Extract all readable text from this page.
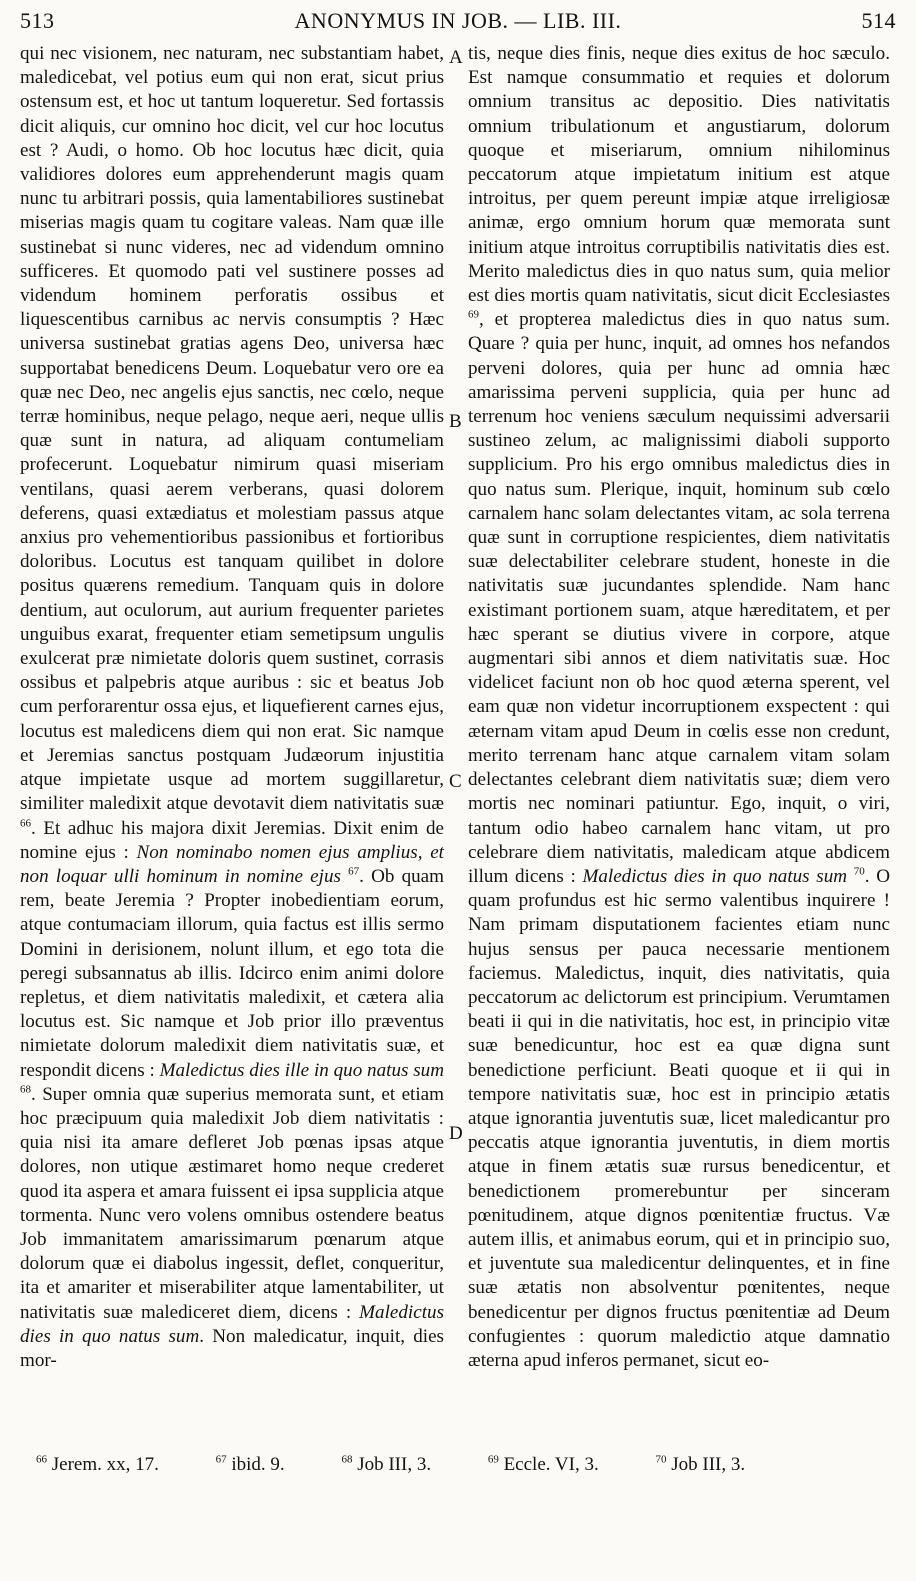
513	ANONYMUS IN JOB. — LIB. III.	514

qui nec visionem, nec naturam, nec substantiam habet, maledicebat, vel potius eum qui non erat, sicut prius ostensum est, et hoc ut tantum loqueretur. Sed fortassis dicit aliquis, cur omnino hoc dicit, vel cur hoc locutus est ? Audi, o homo. Ob hoc locutus hæc dicit, quia validiores dolores eum apprehenderunt magis quam nunc tu arbitrari possis, quia lamentabiliores sustinebat miserias magis quam tu cogitare valeas. Nam quæ ille sustinebat si nunc videres, nec ad videndum omnino sufficeres. Et quomodo pati vel sustinere posses ad videndum hominem perforatis ossibus et liquescentibus carnibus ac nervis consumptis ? Hæc universa sustinebat gratias agens Deo, universa hæc supportabat benedicens Deum. Loquebatur vero ore ea quæ nec Deo, nec angelis ejus sanctis, nec cœlo, neque terræ hominibus, neque pelago, neque aeri, neque ullis quæ sunt in natura, ad aliquam contumeliam profecerunt. Loquebatur nimirum quasi miseriam ventilans, quasi aerem verberans, quasi dolorem deferens, quasi extædiatus et molestiam passus atque anxius pro vehementioribus passionibus et fortioribus doloribus. Locutus est tanquam quilibet in dolore positus quærens remedium. Tanquam quis in dolore dentium, aut oculorum, aut aurium frequenter parietes unguibus exarat, frequenter etiam semetipsum ungulis exulcerat præ nimietate doloris quem sustinet, corrasis ossibus et palpebris atque auribus : sic et beatus Job cum perforarentur ossa ejus, et liquefierent carnes ejus, locutus est maledicens diem qui non erat. Sic namque et Jeremias sanctus postquam Judæorum injustitia atque impietate usque ad mortem suggillaretur, similiter maledixit atque devotavit diem nativitatis suæ $^{66}$. Et adhuc his majora dixit Jeremias. Dixit enim de nomine ejus : Non nominabo nomen ejus amplius, et non loquar ulli hominum in nomine ejus $^{67}$. Ob quam rem, beate Jeremia ? Propter inobedientiam eorum, atque contumaciam illorum, quia factus est illis sermo Domini in derisionem, nolunt illum, et ego tota die peregi subsannatus ab illis. Idcirco enim animi dolore repletus, et diem nativitatis maledixit, et cætera alia locutus est. Sic namque et Job prior illo præventus nimietate dolorum maledixit diem nativitatis suæ, et respondit dicens : Maledictus dies ille in quo natus sum $^{68}$. Super omnia quæ superius memorata sunt, et etiam hoc præcipuum quia maledixit Job diem nativitatis : quia nisi ita amare defleret Job pœnas ipsas atque dolores, non utique æstimaret homo neque crederet quod ita aspera et amara fuissent ei ipsa supplicia atque tormenta. Nunc vero volens omnibus ostendere beatus Job immanitatem amarissimarum pœnarum atque dolorum quæ ei diabolus ingessit, deflet, conqueritur, ita et amariter et miserabiliter atque lamentabiliter, ut nativitatis suæ malediceret diem, dicens : Maledictus dies in quo natus sum. Non maledicatur, inquit, dies mor-

A
B
C
D

tis, neque dies finis, neque dies exitus de hoc sæculo. Est namque consummatio et requies et dolorum omnium transitus ac depositio. Dies nativitatis omnium tribulationum et angustiarum, dolorum quoque et miseriarum, omnium nihilominus peccatorum atque impietatum initium est atque introitus, per quem pereunt impiæ atque irreligiosæ animæ, ergo omnium horum quæ memorata sunt initium atque introitus corruptibilis nativitatis dies est. Merito maledictus dies in quo natus sum, quia melior est dies mortis quam nativitatis, sicut dicit Ecclesiastes $^{69}$, et propterea maledictus dies in quo natus sum. Quare ? quia per hunc, inquit, ad omnes hos nefandos perveni dolores, quia per hunc ad omnia hæc amarissima perveni supplicia, quia per hunc ad terrenum hoc veniens sæculum nequissimi adversarii sustineo zelum, ac malignissimi diaboli supporto supplicium. Pro his ergo omnibus maledictus dies in quo natus sum. Plerique, inquit, hominum sub cœlo carnalem hanc solam delectantes vitam, ac sola terrena quæ sunt in corruptione respicientes, diem nativitatis suæ delectabiliter celebrare student, honeste in die nativitatis suæ jucundantes splendide. Nam hanc existimant portionem suam, atque hæreditatem, et per hæc sperant se diutius vivere in corpore, atque augmentari sibi annos et diem nativitatis suæ. Hoc videlicet faciunt non ob hoc quod æterna sperent, vel eam quæ non videtur incorruptionem exspectent : qui æternam vitam apud Deum in cœlis esse non credunt, merito terrenam hanc atque carnalem vitam solam delectantes celebrant diem nativitatis suæ; diem vero mortis nec nominari patiuntur. Ego, inquit, o viri, tantum odio habeo carnalem hanc vitam, ut pro celebrare diem nativitatis, maledicam atque abdicem illum dicens : Maledictus dies in quo natus sum $^{70}$. O quam profundus est hic sermo valentibus inquirere ! Nam primam disputationem facientes etiam nunc hujus sensus per pauca necessarie mentionem faciemus. Maledictus, inquit, dies nativitatis, quia peccatorum ac delictorum est principium. Verumtamen beati ii qui in die nativitatis, hoc est, in principio vitæ suæ benedicuntur, hoc est ea quæ digna sunt benedictione perficiunt. Beati quoque et ii qui in tempore nativitatis suæ, hoc est in principio ætatis atque ignorantia juventutis suæ, licet maledicantur pro peccatis atque ignorantia juventutis, in diem mortis atque in finem ætatis suæ rursus benedicentur, et benedictionem promerebuntur per sinceram pœnitudinem, atque dignos pœnitentiæ fructus. Væ autem illis, et animabus eorum, qui et in principio suo, et juventute sua maledicentur delinquentes, et in fine suæ ætatis non absolventur pœnitentes, neque benedicentur per dignos fructus pœnitentiæ ad Deum confugientes : quorum maledictio atque damnatio æterna apud inferos permanet, sicut eo-

$^{66}$ Jerem. xx, 17.	$^{67}$ ibid. 9.	$^{68}$ Job III, 3.	$^{69}$ Eccle. VI, 3.	$^{70}$ Job III, 3.
